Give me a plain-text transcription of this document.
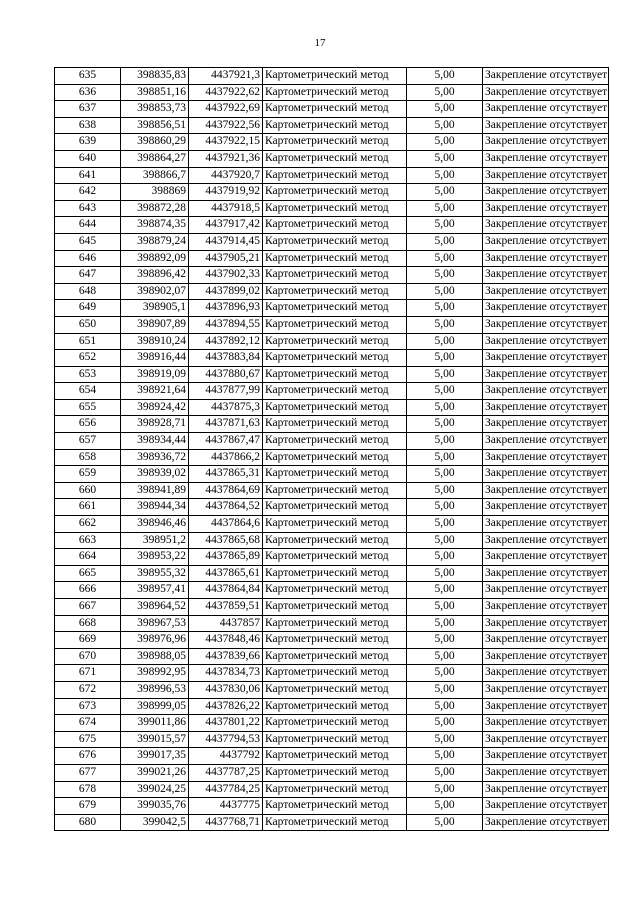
17
635	398835,83	4437921,3	Картометрический метод	5,00	Закрепление отсутствует
636	398851,16	4437922,62	Картометрический метод	5,00	Закрепление отсутствует
637	398853,73	4437922,69	Картометрический метод	5,00	Закрепление отсутствует
638	398856,51	4437922,56	Картометрический метод	5,00	Закрепление отсутствует
639	398860,29	4437922,15	Картометрический метод	5,00	Закрепление отсутствует
640	398864,27	4437921,36	Картометрический метод	5,00	Закрепление отсутствует
641	398866,7	4437920,7	Картометрический метод	5,00	Закрепление отсутствует
642	398869	4437919,92	Картометрический метод	5,00	Закрепление отсутствует
643	398872,28	4437918,5	Картометрический метод	5,00	Закрепление отсутствует
644	398874,35	4437917,42	Картометрический метод	5,00	Закрепление отсутствует
645	398879,24	4437914,45	Картометрический метод	5,00	Закрепление отсутствует
646	398892,09	4437905,21	Картометрический метод	5,00	Закрепление отсутствует
647	398896,42	4437902,33	Картометрический метод	5,00	Закрепление отсутствует
648	398902,07	4437899,02	Картометрический метод	5,00	Закрепление отсутствует
649	398905,1	4437896,93	Картометрический метод	5,00	Закрепление отсутствует
650	398907,89	4437894,55	Картометрический метод	5,00	Закрепление отсутствует
651	398910,24	4437892,12	Картометрический метод	5,00	Закрепление отсутствует
652	398916,44	4437883,84	Картометрический метод	5,00	Закрепление отсутствует
653	398919,09	4437880,67	Картометрический метод	5,00	Закрепление отсутствует
654	398921,64	4437877,99	Картометрический метод	5,00	Закрепление отсутствует
655	398924,42	4437875,3	Картометрический метод	5,00	Закрепление отсутствует
656	398928,71	4437871,63	Картометрический метод	5,00	Закрепление отсутствует
657	398934,44	4437867,47	Картометрический метод	5,00	Закрепление отсутствует
658	398936,72	4437866,2	Картометрический метод	5,00	Закрепление отсутствует
659	398939,02	4437865,31	Картометрический метод	5,00	Закрепление отсутствует
660	398941,89	4437864,69	Картометрический метод	5,00	Закрепление отсутствует
661	398944,34	4437864,52	Картометрический метод	5,00	Закрепление отсутствует
662	398946,46	4437864,6	Картометрический метод	5,00	Закрепление отсутствует
663	398951,2	4437865,68	Картометрический метод	5,00	Закрепление отсутствует
664	398953,22	4437865,89	Картометрический метод	5,00	Закрепление отсутствует
665	398955,32	4437865,61	Картометрический метод	5,00	Закрепление отсутствует
666	398957,41	4437864,84	Картометрический метод	5,00	Закрепление отсутствует
667	398964,52	4437859,51	Картометрический метод	5,00	Закрепление отсутствует
668	398967,53	4437857	Картометрический метод	5,00	Закрепление отсутствует
669	398976,96	4437848,46	Картометрический метод	5,00	Закрепление отсутствует
670	398988,05	4437839,66	Картометрический метод	5,00	Закрепление отсутствует
671	398992,95	4437834,73	Картометрический метод	5,00	Закрепление отсутствует
672	398996,53	4437830,06	Картометрический метод	5,00	Закрепление отсутствует
673	398999,05	4437826,22	Картометрический метод	5,00	Закрепление отсутствует
674	399011,86	4437801,22	Картометрический метод	5,00	Закрепление отсутствует
675	399015,57	4437794,53	Картометрический метод	5,00	Закрепление отсутствует
676	399017,35	4437792	Картометрический метод	5,00	Закрепление отсутствует
677	399021,26	4437787,25	Картометрический метод	5,00	Закрепление отсутствует
678	399024,25	4437784,25	Картометрический метод	5,00	Закрепление отсутствует
679	399035,76	4437775	Картометрический метод	5,00	Закрепление отсутствует
680	399042,5	4437768,71	Картометрический метод	5,00	Закрепление отсутствует
